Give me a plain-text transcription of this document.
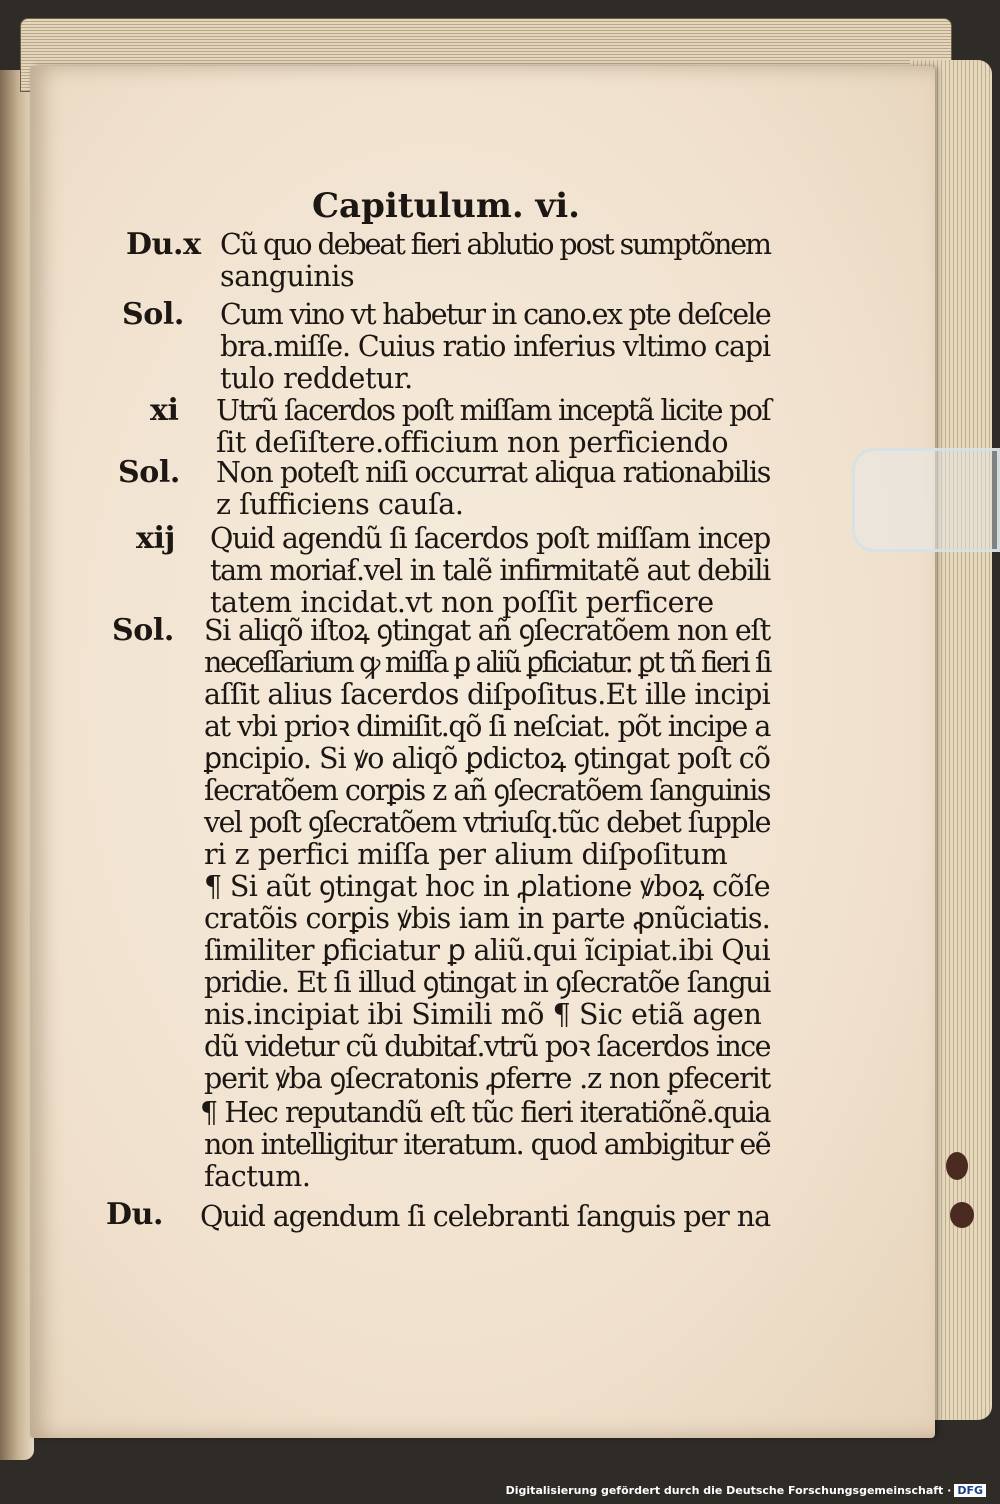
Capitulum. vi.
Du.x Cũ quo debeat fieri ablutio post sumptõnem
sanguinis
Sol. Cum vino vt habetur in cano.ex pte deſcele
bra.miſſe. Cuius ratio inferius vltimo capi
tulo reddetur.
xi Utrũ ſacerdos poſt miſſam inceptã licite poſ
ſit deſiſtere.officium non perficiendo
Sol. Non poteſt niſi occurrat aliqua rationabilis
z ſufficiens cauſa.
xij Quid agendũ ſi ſacerdos poſt miſſam incep
tam moriaẜ.vel in talẽ infirmitatẽ aut debili
tatem incidat.vt non poſſit perficere
Sol. Si aliqõ iſtoꝝ ꝯtingat añ ꝯſecratõem non eſt
neceſſarium ꝙ miſſa ꝑ aliũ ꝑficiatur. ꝑt tñ fieri ſi
aſſit alius ſacerdos diſpoſitus.Et ille incipi
at vbi prioꝛ dimiſit.qõ ſi neſciat. põt incipe a
ꝑncipio. Si ꝟo aliqõ ꝑdictoꝝ ꝯtingat poſt cõ
ſecratõem corꝑis z añ ꝯſecratõem ſanguinis
vel poſt ꝯſecratõem vtriuſq.tũc debet ſupple
ri z perfici miſſa per alium diſpoſitum
¶ Si aũt ꝯtingat hoc in ꝓlatione ꝟboꝝ cõſe
cratõis corꝑis ꝟbis iam in parte ꝓnũciatis.
ſimiliter ꝑficiatur ꝑ aliũ.qui ĩcipiat.ibi Qui
pridie. Et ſi illud ꝯtingat in ꝯſecratõe ſangui
nis.incipiat ibi Simili mõ ¶ Sic etiã agen
dũ videtur cũ dubitaẜ.vtrũ poꝛ ſacerdos ince
perit ꝟba ꝯſecratonis ꝓferre .z non ꝑfecerit
¶ Hec reputandũ eſt tũc fieri iteratiõnẽ.quia
non intelligitur iteratum. quod ambigitur eẽ
factum.
Du. Quid agendum ſi celebranti ſanguis per na
Digitalisierung gefördert durch die Deutsche Forschungsgemeinschaft · DFG
